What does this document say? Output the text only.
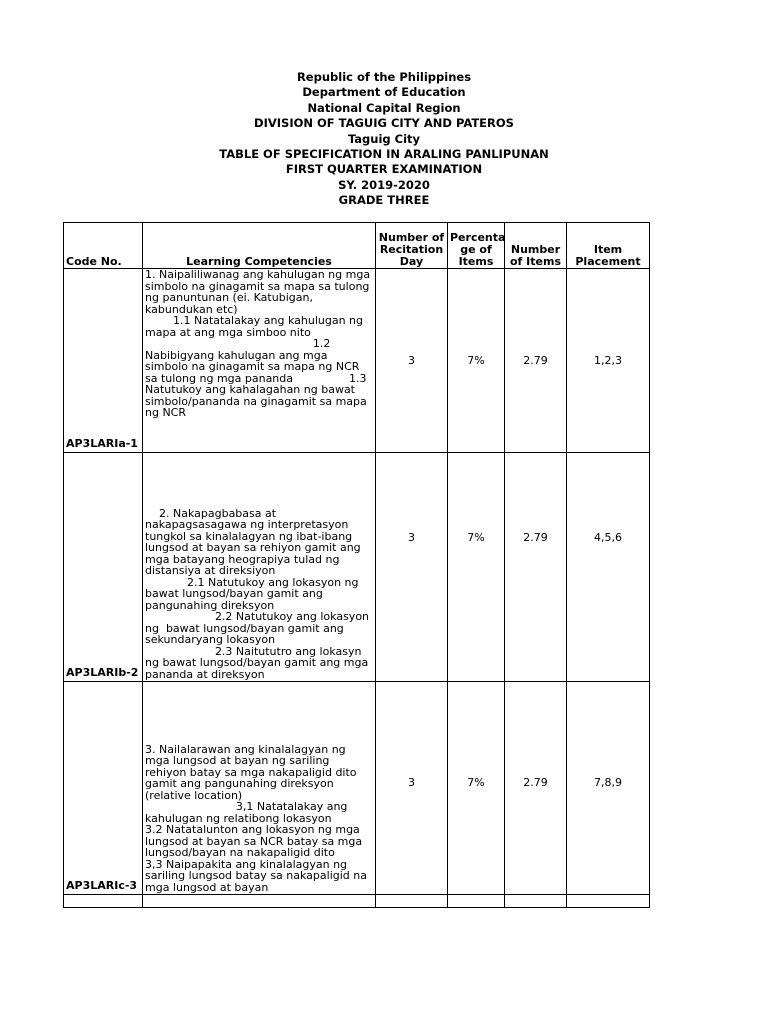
Republic of the Philippines
Department of Education
National Capital Region
DIVISION OF TAGUIG CITY AND PATEROS
Taguig City
TABLE OF SPECIFICATION IN ARALING PANLIPUNAN
FIRST QUARTER EXAMINATION
SY. 2019-2020
GRADE THREE
Code No.	Learning Competencies	Number of Recitation Day	Percenta ge of Items	Number of Items	Item Placement
AP3LARIa-1	1. Naipaliliwanag ang kahulugan ng mga simbolo na ginagamit sa mapa sa tulong ng panuntunan (ei. Katubigan, kabundukan etc)
1.1 Natatalakay ang kahulugan ng mapa at ang mga simboo nito
1.2 Nabibigyang kahulugan ang mga simbolo na ginagamit sa mapa ng NCR sa tulong ng mga pananda                1.3 Natutukoy ang kahalagahan ng bawat simbolo/pananda na ginagamit sa mapa ng NCR	3	7%	2.79	1,2,3
AP3LARIb-2	2. Nakapagbabasa at nakapagsasagawa ng interpretasyon tungkol sa kinalalagyan ng ibat-ibang lungsod at bayan sa rehiyon gamit ang mga batayang heograpiya tulad ng distansiya at direksiyon
2.1 Natutukoy ang lokasyon ng bawat lungsod/bayan gamit ang pangunahing direksyon
2.2 Natutukoy ang lokasyon ng  bawat lungsod/bayan gamit ang sekundaryang lokasyon
2.3 Naitututro ang lokasyn ng bawat lungsod/bayan gamit ang mga pananda at direksyon	3	7%	2.79	4,5,6
AP3LARIc-3	3. Nailalarawan ang kinalalagyan ng mga lungsod at bayan ng sariling rehiyon batay sa mga nakapaligid dito gamit ang pangunahing direksyon (relative location)
3,1 Natatalakay ang kahulugan ng relatibong lokasyon
3.2 Natatalunton ang lokasyon ng mga lungsod at bayan sa NCR batay sa mga lungsod/bayan na nakapaligid dito
3,3 Naipapakita ang kinalalagyan ng sariling lungsod batay sa nakapaligid na mga lungsod at bayan	3	7%	2.79	7,8,9
